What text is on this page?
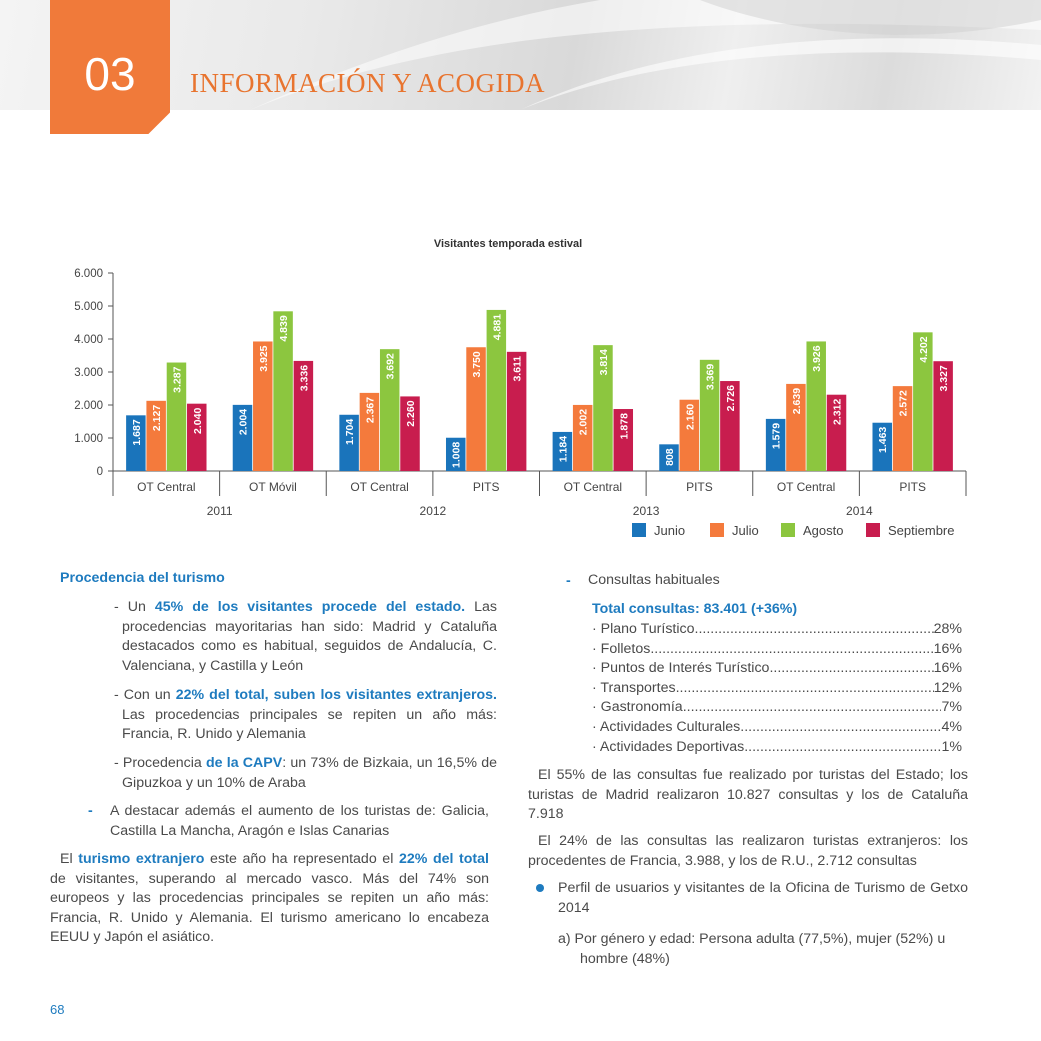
03	INFORMACIÓN Y ACOGIDA
Visitantes temporada estival
0
1.000
2.000
3.000
4.000
5.000
6.000
OT Central	OT Móvil	OT Central	PITS	OT Central	PITS	OT Central	PITS
2011	2012	2013	2014
1.687	2.004	1.704
1.008	1.184	808
1.579	1.463
2.127
3.925
2.367
3.750
2.002	2.160
2.639	2.572
3.287
4.839
3.692
4.881
3.814
3.369
3.926	4.202
2.040
3.336
2.260
3.611
1.878
2.726
2.312
3.327
Junio	Julio	Agosto	Septiembre
Procedencia del turismo
- Un 45% de los visitantes procede del estado. Las procedencias mayoritarias han sido: Madrid y Cataluña destacados como es habitual, seguidos de Andalucía, C. Valenciana, y Castilla y León
- Con un 22% del total, suben los visitantes extranjeros. Las procedencias principales se repiten un año más: Francia, R. Unido y Alemania
- Procedencia de la CAPV: un 73% de Bizkaia, un 16,5% de Gipuzkoa y un 10% de Araba
-	A destacar además el aumento de los turistas de: Galicia, Castilla La Mancha, Aragón e Islas Canarias
El turismo extranjero este año ha representado el 22% del total de visitantes, superando al mercado vasco. Más del 74% son europeos y las procedencias principales se repiten un año más: Francia, R. Unido y Alemania. El turismo americano lo encabeza EEUU y Japón el asiático.
-	Consultas habituales
Total consultas: 83.401 (+36%)
· Plano Turístico .....	28%
· Folletos .....	16%
· Puntos de Interés Turístico .....	16%
· Transportes .....	12%
· Gastronomía .....	7%
· Actividades Culturales .....	4%
· Actividades Deportivas .....	1%
El 55% de las consultas fue realizado por turistas del Estado; los turistas de Madrid realizaron 10.827 consultas y los de Cataluña 7.918
El 24% de las consultas las realizaron turistas extranjeros: los procedentes de Francia, 3.988, y los de R.U., 2.712 consultas
Perfil de usuarios y visitantes de la Oficina de Turismo de Getxo 2014
a) Por género y edad: Persona adulta (77,5%), mujer (52%) u hombre (48%)
68
